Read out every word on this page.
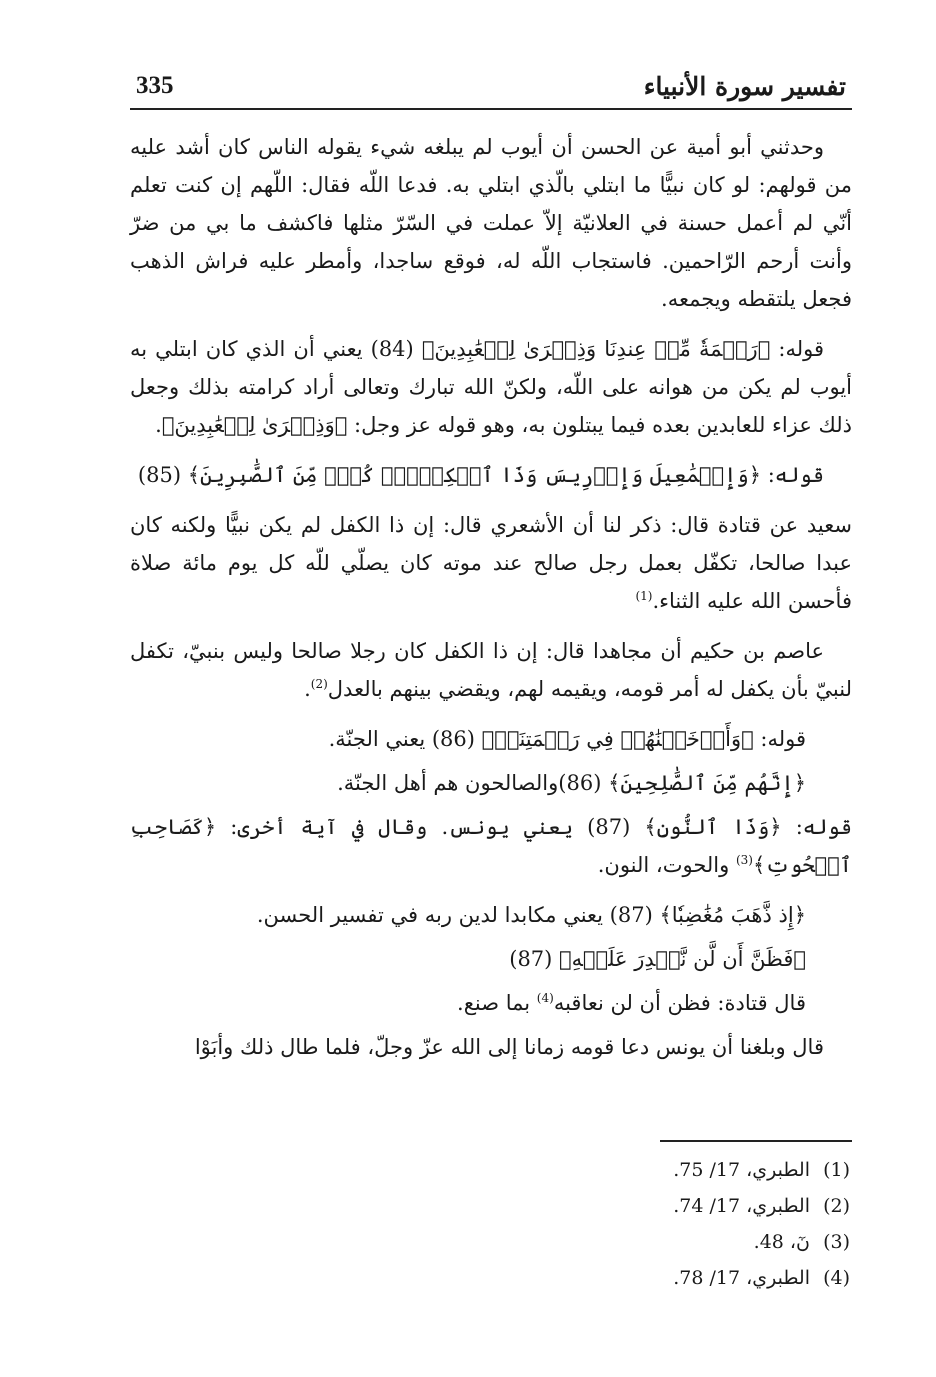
تفسير سورة الأنبياء
335

وحدثني أبو أمية عن الحسن أن أيوب لم يبلغه شيء يقوله الناس كان أشد عليه من قولهم: لو كان نبيًّا ما ابتلي بالّذي ابتلي به. فدعا اللّه فقال: اللّهم إن كنت تعلم أنّي لم أعمل حسنة في العلانيّة إلاّ عملت في السّرّ مثلها فاكشف ما بي من ضرّ وأنت أرحم الرّاحمين. فاستجاب اللّه له، فوقع ساجدا، وأمطر عليه فراش الذهب فجعل يلتقطه ويجمعه.

قوله: ﴿رَحۡمَةٗ مِّنۡ عِندِنَا وَذِكۡرَىٰ لِلۡعَٰبِدِينَ﴾ (84) يعني أن الذي كان ابتلي به أيوب لم يكن من هوانه على اللّه، ولكنّ الله تبارك وتعالى أراد كرامته بذلك وجعل ذلك عزاء للعابدين بعده فيما يبتلون به، وهو قوله عز وجل: ﴿وَذِكۡرَىٰ لِلۡعَٰبِدِينَ﴾.

قوله: ﴿وَإِسۡمَٰعِيلَ وَإِدۡرِيسَ وَذَا ٱلۡكِفۡلِۖ كُلّٞ مِّنَ ٱلصَّٰبِرِينَ﴾ (85)

سعيد عن قتادة قال: ذكر لنا أن الأشعري قال: إن ذا الكفل لم يكن نبيًّا ولكنه كان عبدا صالحا، تكفّل بعمل رجل صالح عند موته كان يصلّي للّه كل يوم مائة صلاة فأحسن الله عليه الثناء.$^{(1)}$

عاصم بن حكيم أن مجاهدا قال: إن ذا الكفل كان رجلا صالحا وليس بنبيّ، تكفل لنبيّ بأن يكفل له أمر قومه، ويقيمه لهم، ويقضي بينهم بالعدل$^{(2)}$.

قوله: ﴿وَأَدۡخَلۡنَٰهُمۡ فِي رَحۡمَتِنَآۖ﴾ (86) يعني الجنّة.

﴿إِنَّهُم مِّنَ ٱلصَّٰلِحِينَ﴾ (86)والصالحون هم أهل الجنّة.

قوله: ﴿وَذَا ٱلنُّونِ﴾ (87) يعني يونس. وقال في آية أخرى: ﴿كَصَاحِبِ ٱلۡحُوتِ﴾$^{(3)}$ والحوت، النون.

﴿إِذ ذَّهَبَ مُغَٰضِبٗا﴾ (87) يعني مكابدا لدين ربه في تفسير الحسن.

﴿فَظَنَّ أَن لَّن نَّقۡدِرَ عَلَيۡهِ﴾ (87)

قال قتادة: فظن أن لن نعاقبه$^{(4)}$ بما صنع.

قال وبلغنا أن يونس دعا قومه زمانا إلى الله عزّ وجلّ، فلما طال ذلك وأبَوْا

(1)الطبري، 17/ 75.
(2)الطبري، 17/ 74.
(3)نٓ، 48.
(4)الطبري، 17/ 78.
